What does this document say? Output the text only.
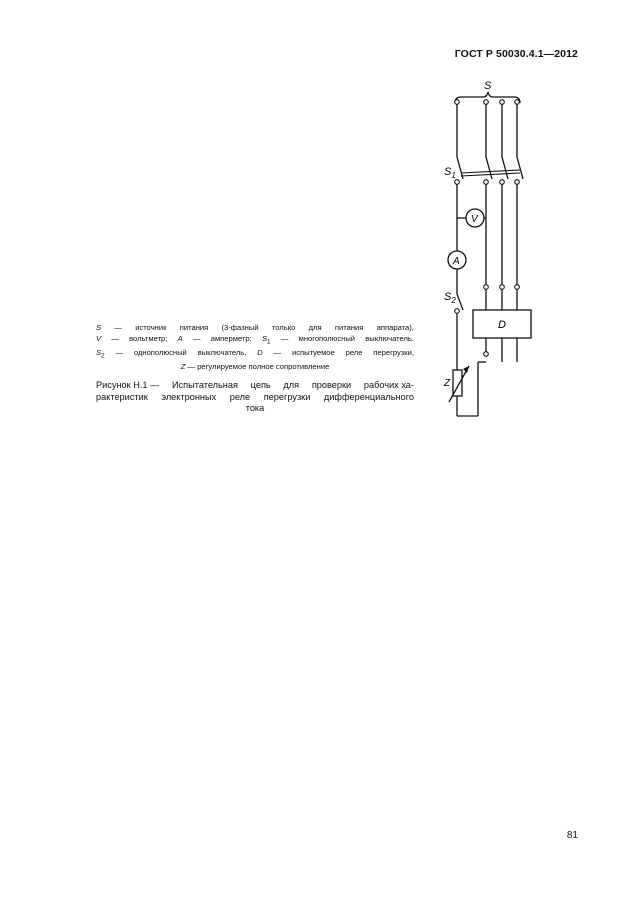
ГОСТ Р 50030.4.1—2012
S
$S_1$
V
A
$S_2$
D
Z
S — источник питания (3-фазный только для питания аппарата),
V — вольтметр; А — амперметр; $S_1$ — многополюсный выключатель.
$S_2$ — однополюсный выключатель, D — испытуемое реле перегрузки,
Z — регулируемое полное сопротивление
Рисунок Н.1 — Испытательная цепь для проверки рабочих ха-
рактеристик электронных реле перегрузки дифференциального
тока
81
